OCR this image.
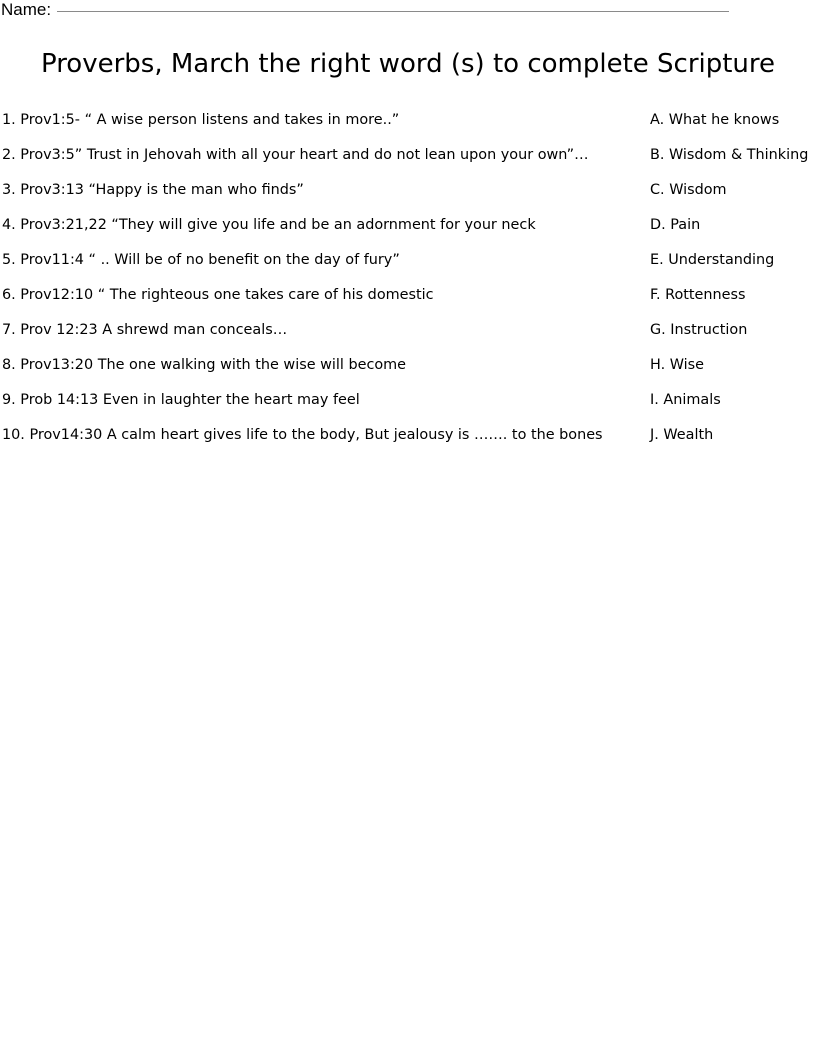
Name:
Proverbs, March the right word (s) to complete Scripture
1. Prov1:5- “ A wise person listens and takes in more..”	A. What he knows
2. Prov3:5” Trust in Jehovah with all your heart and do not lean upon your own”…	B. Wisdom & Thinking
3. Prov3:13 “Happy is the man who finds”	C. Wisdom
4. Prov3:21,22 “They will give you life and be an adornment for your neck	D. Pain
5. Prov11:4 “ .. Will be of no benefit on the day of fury”	E. Understanding
6. Prov12:10 “ The righteous one takes care of his domestic	F. Rottenness
7. Prov 12:23 A shrewd man conceals…	G. Instruction
8. Prov13:20 The one walking with the wise will become	H. Wise
9. Prob 14:13 Even in laughter the heart may feel	I. Animals
10. Prov14:30 A calm heart gives life to the body, But jealousy is ……. to the bones	J. Wealth
